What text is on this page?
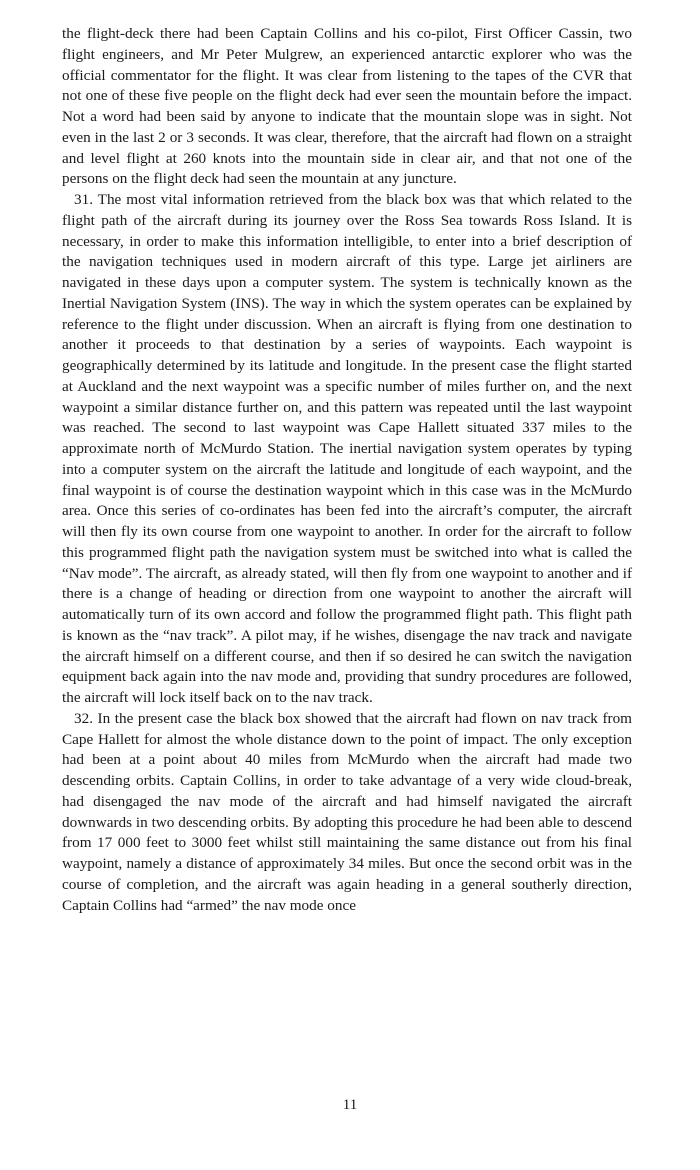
the flight-deck there had been Captain Collins and his co-pilot, First Officer Cassin, two flight engineers, and Mr Peter Mulgrew, an experienced antarctic explorer who was the official commentator for the flight. It was clear from listening to the tapes of the CVR that not one of these five people on the flight deck had ever seen the mountain before the impact. Not a word had been said by anyone to indicate that the mountain slope was in sight. Not even in the last 2 or 3 seconds. It was clear, therefore, that the aircraft had flown on a straight and level flight at 260 knots into the mountain side in clear air, and that not one of the persons on the flight deck had seen the mountain at any juncture.

31. The most vital information retrieved from the black box was that which related to the flight path of the aircraft during its journey over the Ross Sea towards Ross Island. It is necessary, in order to make this information intelligible, to enter into a brief description of the navigation techniques used in modern aircraft of this type. Large jet airliners are navigated in these days upon a computer system. The system is technically known as the Inertial Navigation System (INS). The way in which the system operates can be explained by reference to the flight under discussion. When an aircraft is flying from one destination to another it proceeds to that destination by a series of waypoints. Each waypoint is geographically determined by its latitude and longitude. In the present case the flight started at Auckland and the next waypoint was a specific number of miles further on, and the next waypoint a similar distance further on, and this pattern was repeated until the last waypoint was reached. The second to last waypoint was Cape Hallett situated 337 miles to the approximate north of McMurdo Station. The inertial navigation system operates by typing into a computer system on the aircraft the latitude and longitude of each waypoint, and the final waypoint is of course the destination waypoint which in this case was in the McMurdo area. Once this series of co-ordinates has been fed into the aircraft’s computer, the aircraft will then fly its own course from one waypoint to another. In order for the aircraft to follow this programmed flight path the navigation system must be switched into what is called the “Nav mode”. The aircraft, as already stated, will then fly from one waypoint to another and if there is a change of heading or direction from one waypoint to another the aircraft will automatically turn of its own accord and follow the programmed flight path. This flight path is known as the “nav track”. A pilot may, if he wishes, disengage the nav track and navigate the aircraft himself on a different course, and then if so desired he can switch the navigation equipment back again into the nav mode and, providing that sundry procedures are followed, the aircraft will lock itself back on to the nav track.

32. In the present case the black box showed that the aircraft had flown on nav track from Cape Hallett for almost the whole distance down to the point of impact. The only exception had been at a point about 40 miles from McMurdo when the aircraft had made two descending orbits. Captain Collins, in order to take advantage of a very wide cloud-break, had disengaged the nav mode of the aircraft and had himself navigated the aircraft downwards in two descending orbits. By adopting this procedure he had been able to descend from 17 000 feet to 3000 feet whilst still maintaining the same distance out from his final waypoint, namely a distance of approximately 34 miles. But once the second orbit was in the course of completion, and the aircraft was again heading in a general southerly direction, Captain Collins had “armed” the nav mode once

11
